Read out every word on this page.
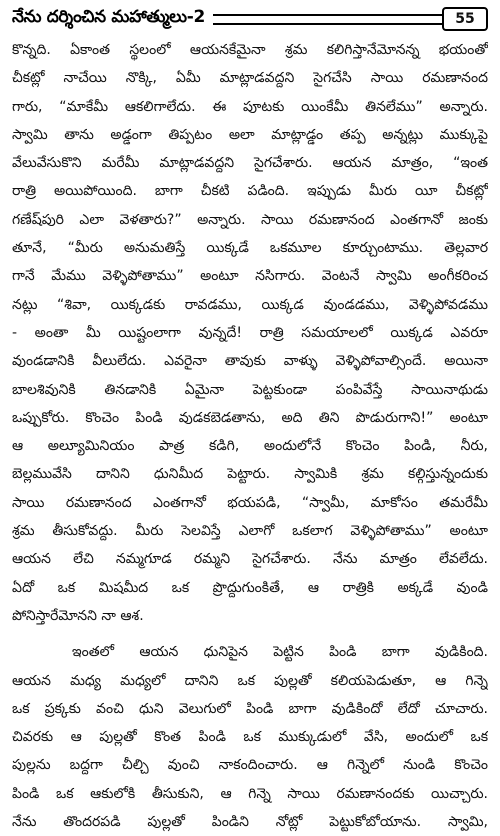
నేను దర్శించిన మహాత్ములు-2	55
కొన్నది. ఏకాంత స్థలంలో ఆయనకేమైనా శ్రమ కలిగిస్తానేమోనన్న భయంతో
చీకట్లో నాచేయి నొక్కి, ఏమీ మాట్లాడవద్దని సైగచేసి సాయి రమణానంద
గారు, “మాకేమీ ఆకలిగాలేదు. ఈ పూటకు యింకేమీ తినలేము” అన్నారు.
స్వామి తాను అడ్డంగా తిప్పటం అలా మాట్లాడ్డం తప్ప అన్నట్లు ముక్కుపై
వేలువేసుకొని మరేమీ మాట్లాడవద్దని సైగచేశారు. ఆయన మాత్రం, “ఇంత
రాత్రి అయిపోయింది. బాగా చీకటి పడింది. ఇప్పుడు మీరు యీ చీకట్లో
గణేష్‌పురి ఎలా వెళతారు?” అన్నారు. సాయి రమణానంద ఎంతగానో జంకు
తూనే, “మీరు అనుమతిస్తే యిక్కడే ఒకమూల కూర్చుంటాము. తెల్లవార
గానే మేము వెళ్ళిపోతాము” అంటూ నసిగారు. వెంటనే స్వామి అంగీకరించ
నట్లు “శివా, యిక్కడకు రావడము, యిక్కడ వుండడము, వెళ్ళిపోవడము
- అంతా మీ యిష్టంలాగా వున్నదే! రాత్రి సమయాలలో యిక్కడ ఎవరూ
వుండడానికి వీలులేదు. ఎవరైనా తావుకు వాళ్ళు వెళ్ళిపోవాల్సిందే. అయినా
బాలశివునికి తినడానికి ఏమైనా పెట్టకుండా పంపివేస్తే సాయినాథుడు
ఒప్పుకోరు. కొంచెం పిండి వుడకబెడతాను, అది తిని పొడురుగాని!” అంటూ
ఆ అల్యూమినియం పాత్ర కడిగి, అందులోనే కొంచెం పిండి, నీరు,
బెల్లమువేసి దానిని ధునిమీద పెట్టారు. స్వామికి శ్రమ కల్గిస్తున్నందుకు
సాయి రమణానంద ఎంతగానో భయపడి, “స్వామీ, మాకోసం తమరేమీ
శ్రమ తీసుకోవద్దు. మీరు సెలవిస్తే ఎలాగో ఒకలాగ వెళ్ళిపోతాము” అంటూ
ఆయన లేచి నమ్మగూడ రమ్మని సైగచేశారు. నేను మాత్రం లేవలేదు.
ఏదో ఒక మిషమీద ఒక ప్రొద్దుగుంకితే, ఆ రాత్రికి అక్కడే వుండి
పోనిస్తారేమోనని నా ఆశ.
ఇంతలో ఆయన ధునిపైన పెట్టిన పిండి బాగా వుడికింది.
ఆయన మధ్య మధ్యలో దానిని ఒక పుల్లతో కలియపెడుతూ, ఆ గిన్నె
ఒక ప్రక్కకు వంచి ధుని వెలుగులో పిండి బాగా వుడికిందో లేదో చూచారు.
చివరకు ఆ పుల్లతో కొంత పిండి ఒక ముక్కుడులో వేసి, అందులో ఒక
పుల్లను బద్దగా చీల్చి వుంచి నాకందించారు. ఆ గిన్నెలో నుండి కొంచెం
పిండి ఒక ఆకులోకి తీసుకుని, ఆ గిన్నె సాయి రమణానందకు యిచ్చారు.
నేను తొందరపడి పుల్లతో పిండిని నోట్లో పెట్టుకోబోయాను. స్వామి,
